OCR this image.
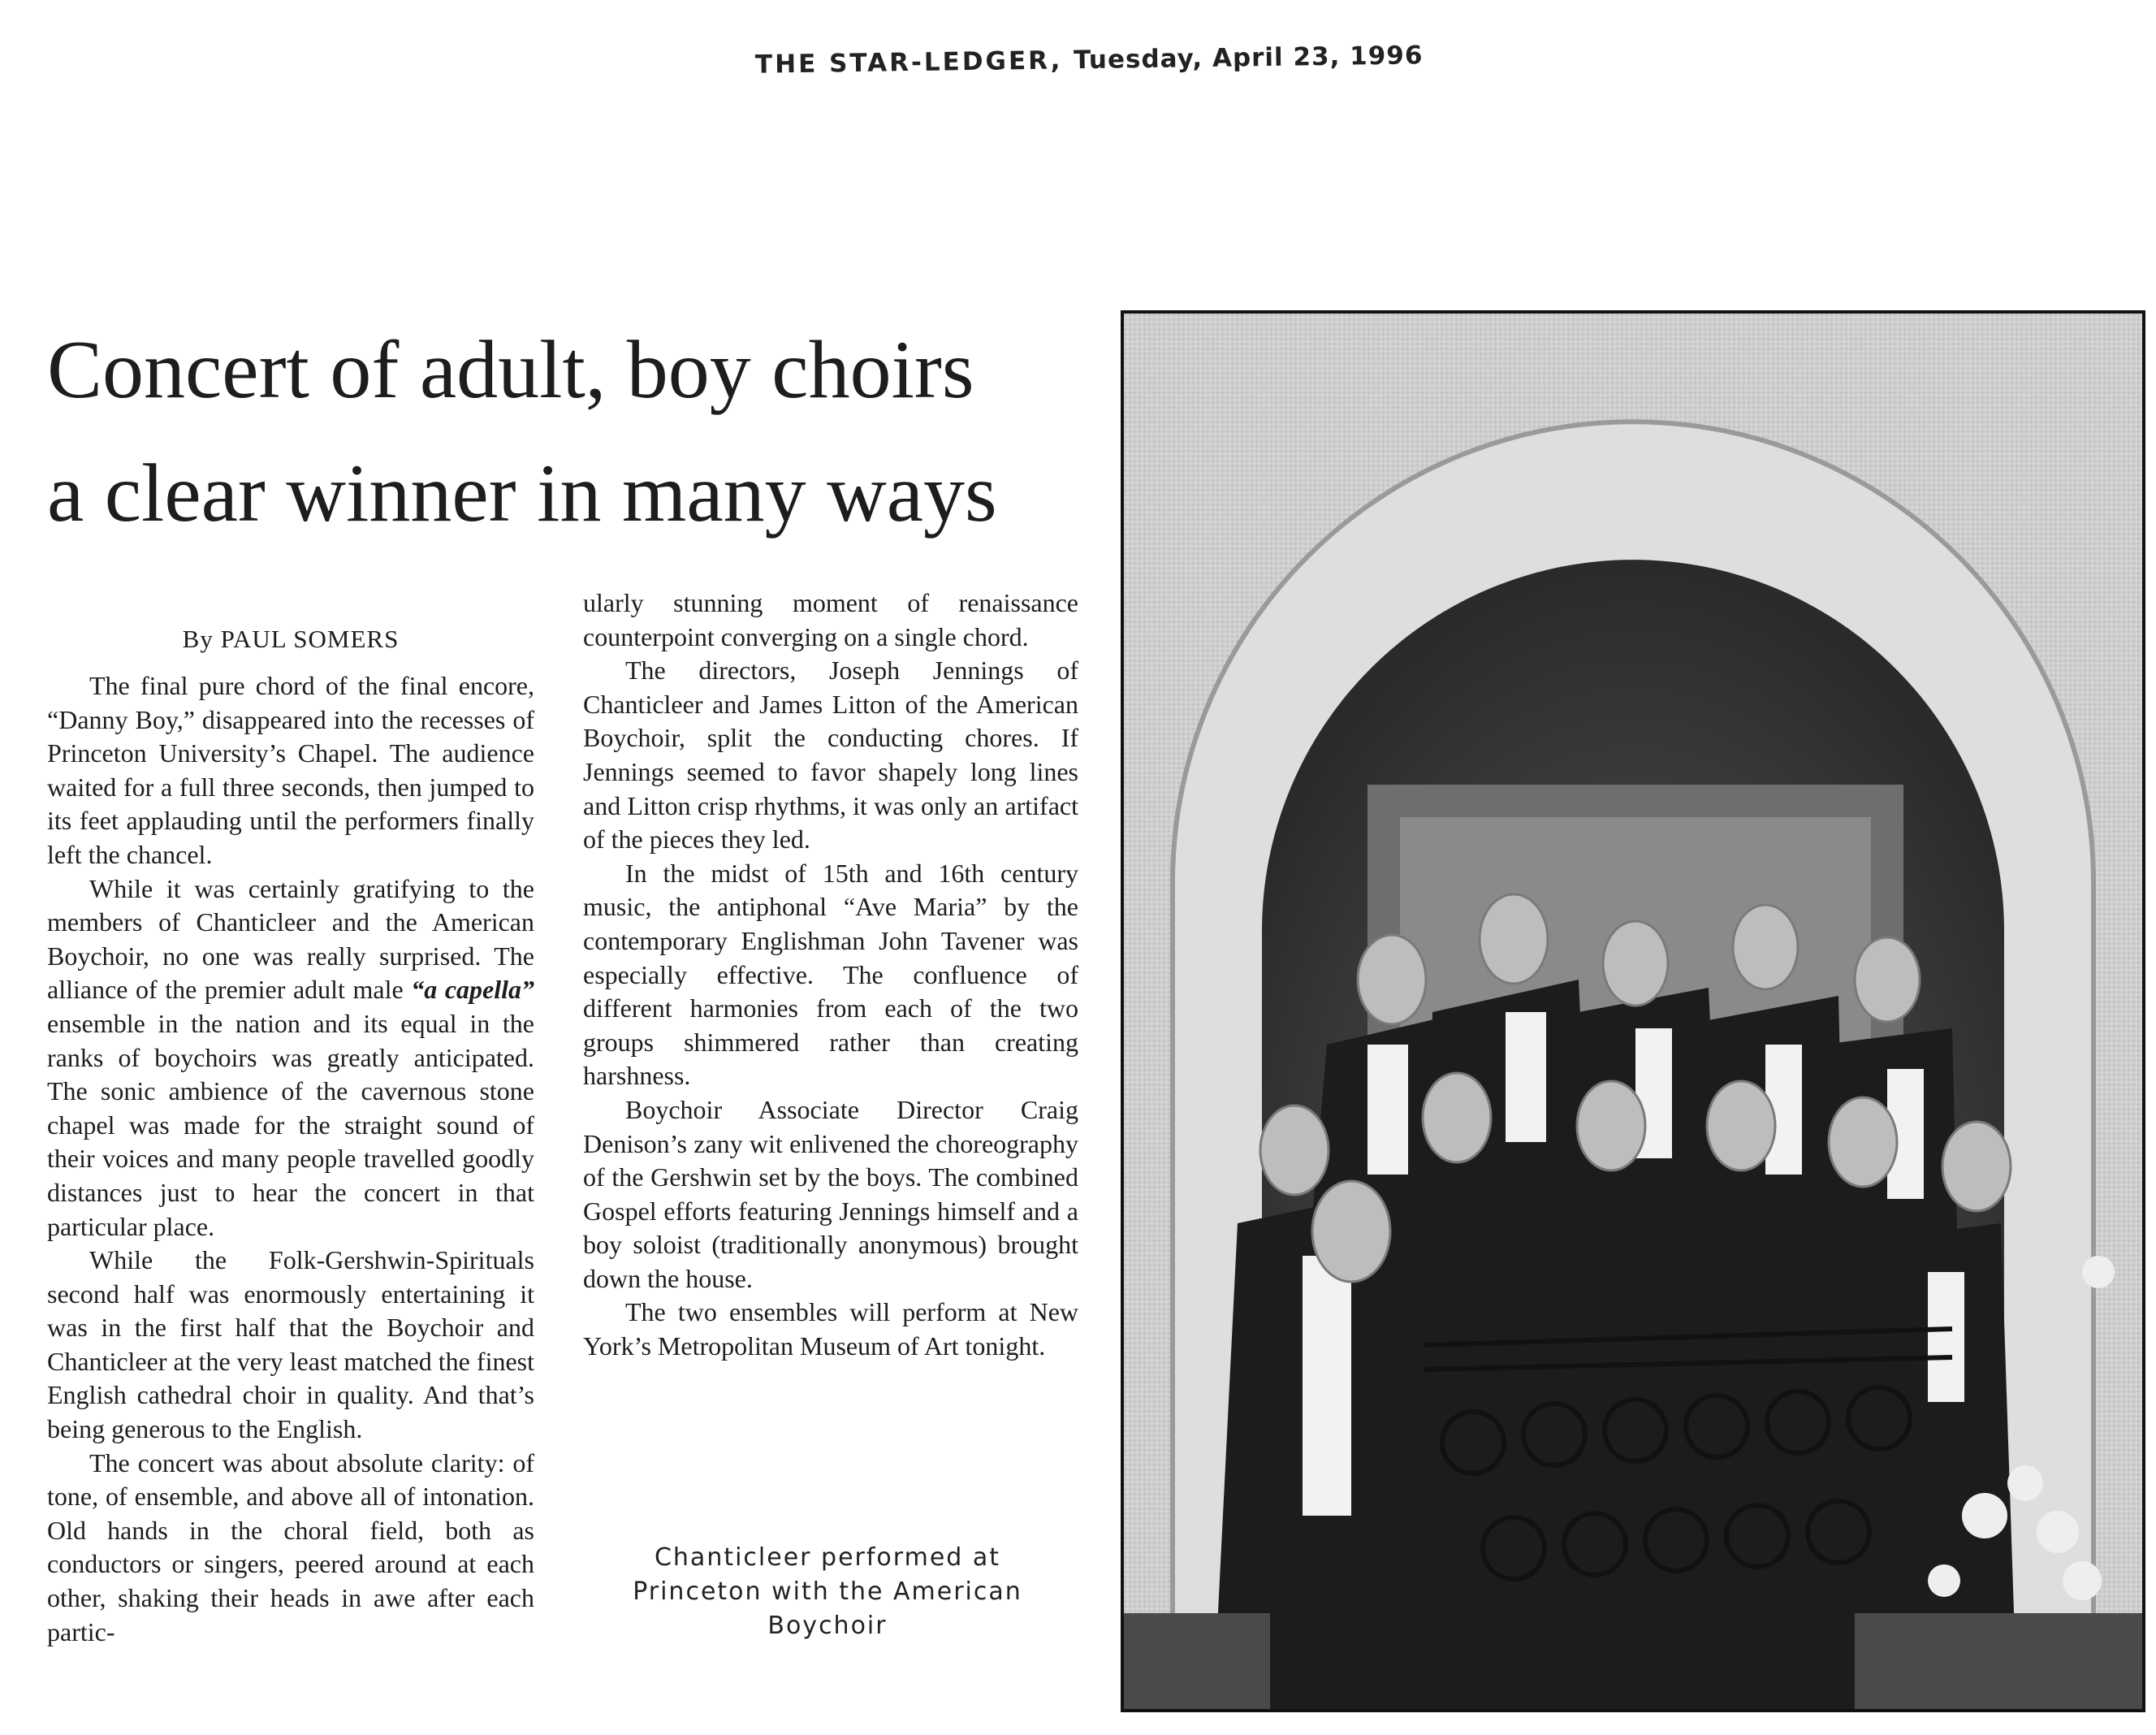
THE STAR-LEDGER, Tuesday, April 23, 1996
Concert of adult, boy choirs
a clear winner in many ways
By PAUL SOMERS

The final pure chord of the final encore, “Danny Boy,” disappeared into the recesses of Princeton University’s Chapel. The audience waited for a full three seconds, then jumped to its feet applauding until the performers finally left the chancel.

While it was certainly gratifying to the members of Chanticleer and the American Boychoir, no one was really surprised. The alliance of the premier adult male “a capella” ensemble in the nation and its equal in the ranks of boychoirs was greatly anticipated. The sonic ambience of the cavernous stone chapel was made for the straight sound of their voices and many people travelled goodly distances just to hear the concert in that particular place.

While the Folk-Gershwin-Spirituals second half was enormously entertaining it was in the first half that the Boychoir and Chanticleer at the very least matched the finest English cathedral choir in quality. And that’s being generous to the English.

The concert was about absolute clarity: of tone, of ensemble, and above all of intonation. Old hands in the choral field, both as conductors or singers, peered around at each other, shaking their heads in awe after each partic-

ularly stunning moment of renaissance counterpoint converging on a single chord.

The directors, Joseph Jennings of Chanticleer and James Litton of the American Boychoir, split the conducting chores. If Jennings seemed to favor shapely long lines and Litton crisp rhythms, it was only an artifact of the pieces they led.

In the midst of 15th and 16th century music, the antiphonal “Ave Maria” by the contemporary Englishman John Tavener was especially effective. The confluence of different harmonies from each of the two groups shimmered rather than creating harshness.

Boychoir Associate Director Craig Denison’s zany wit enlivened the choreography of the Gershwin set by the boys. The combined Gospel efforts featuring Jennings himself and a boy soloist (traditionally anonymous) brought down the house.

The two ensembles will perform at New York’s Metropolitan Museum of Art tonight.

Chanticleer performed at Princeton with the American Boychoir
